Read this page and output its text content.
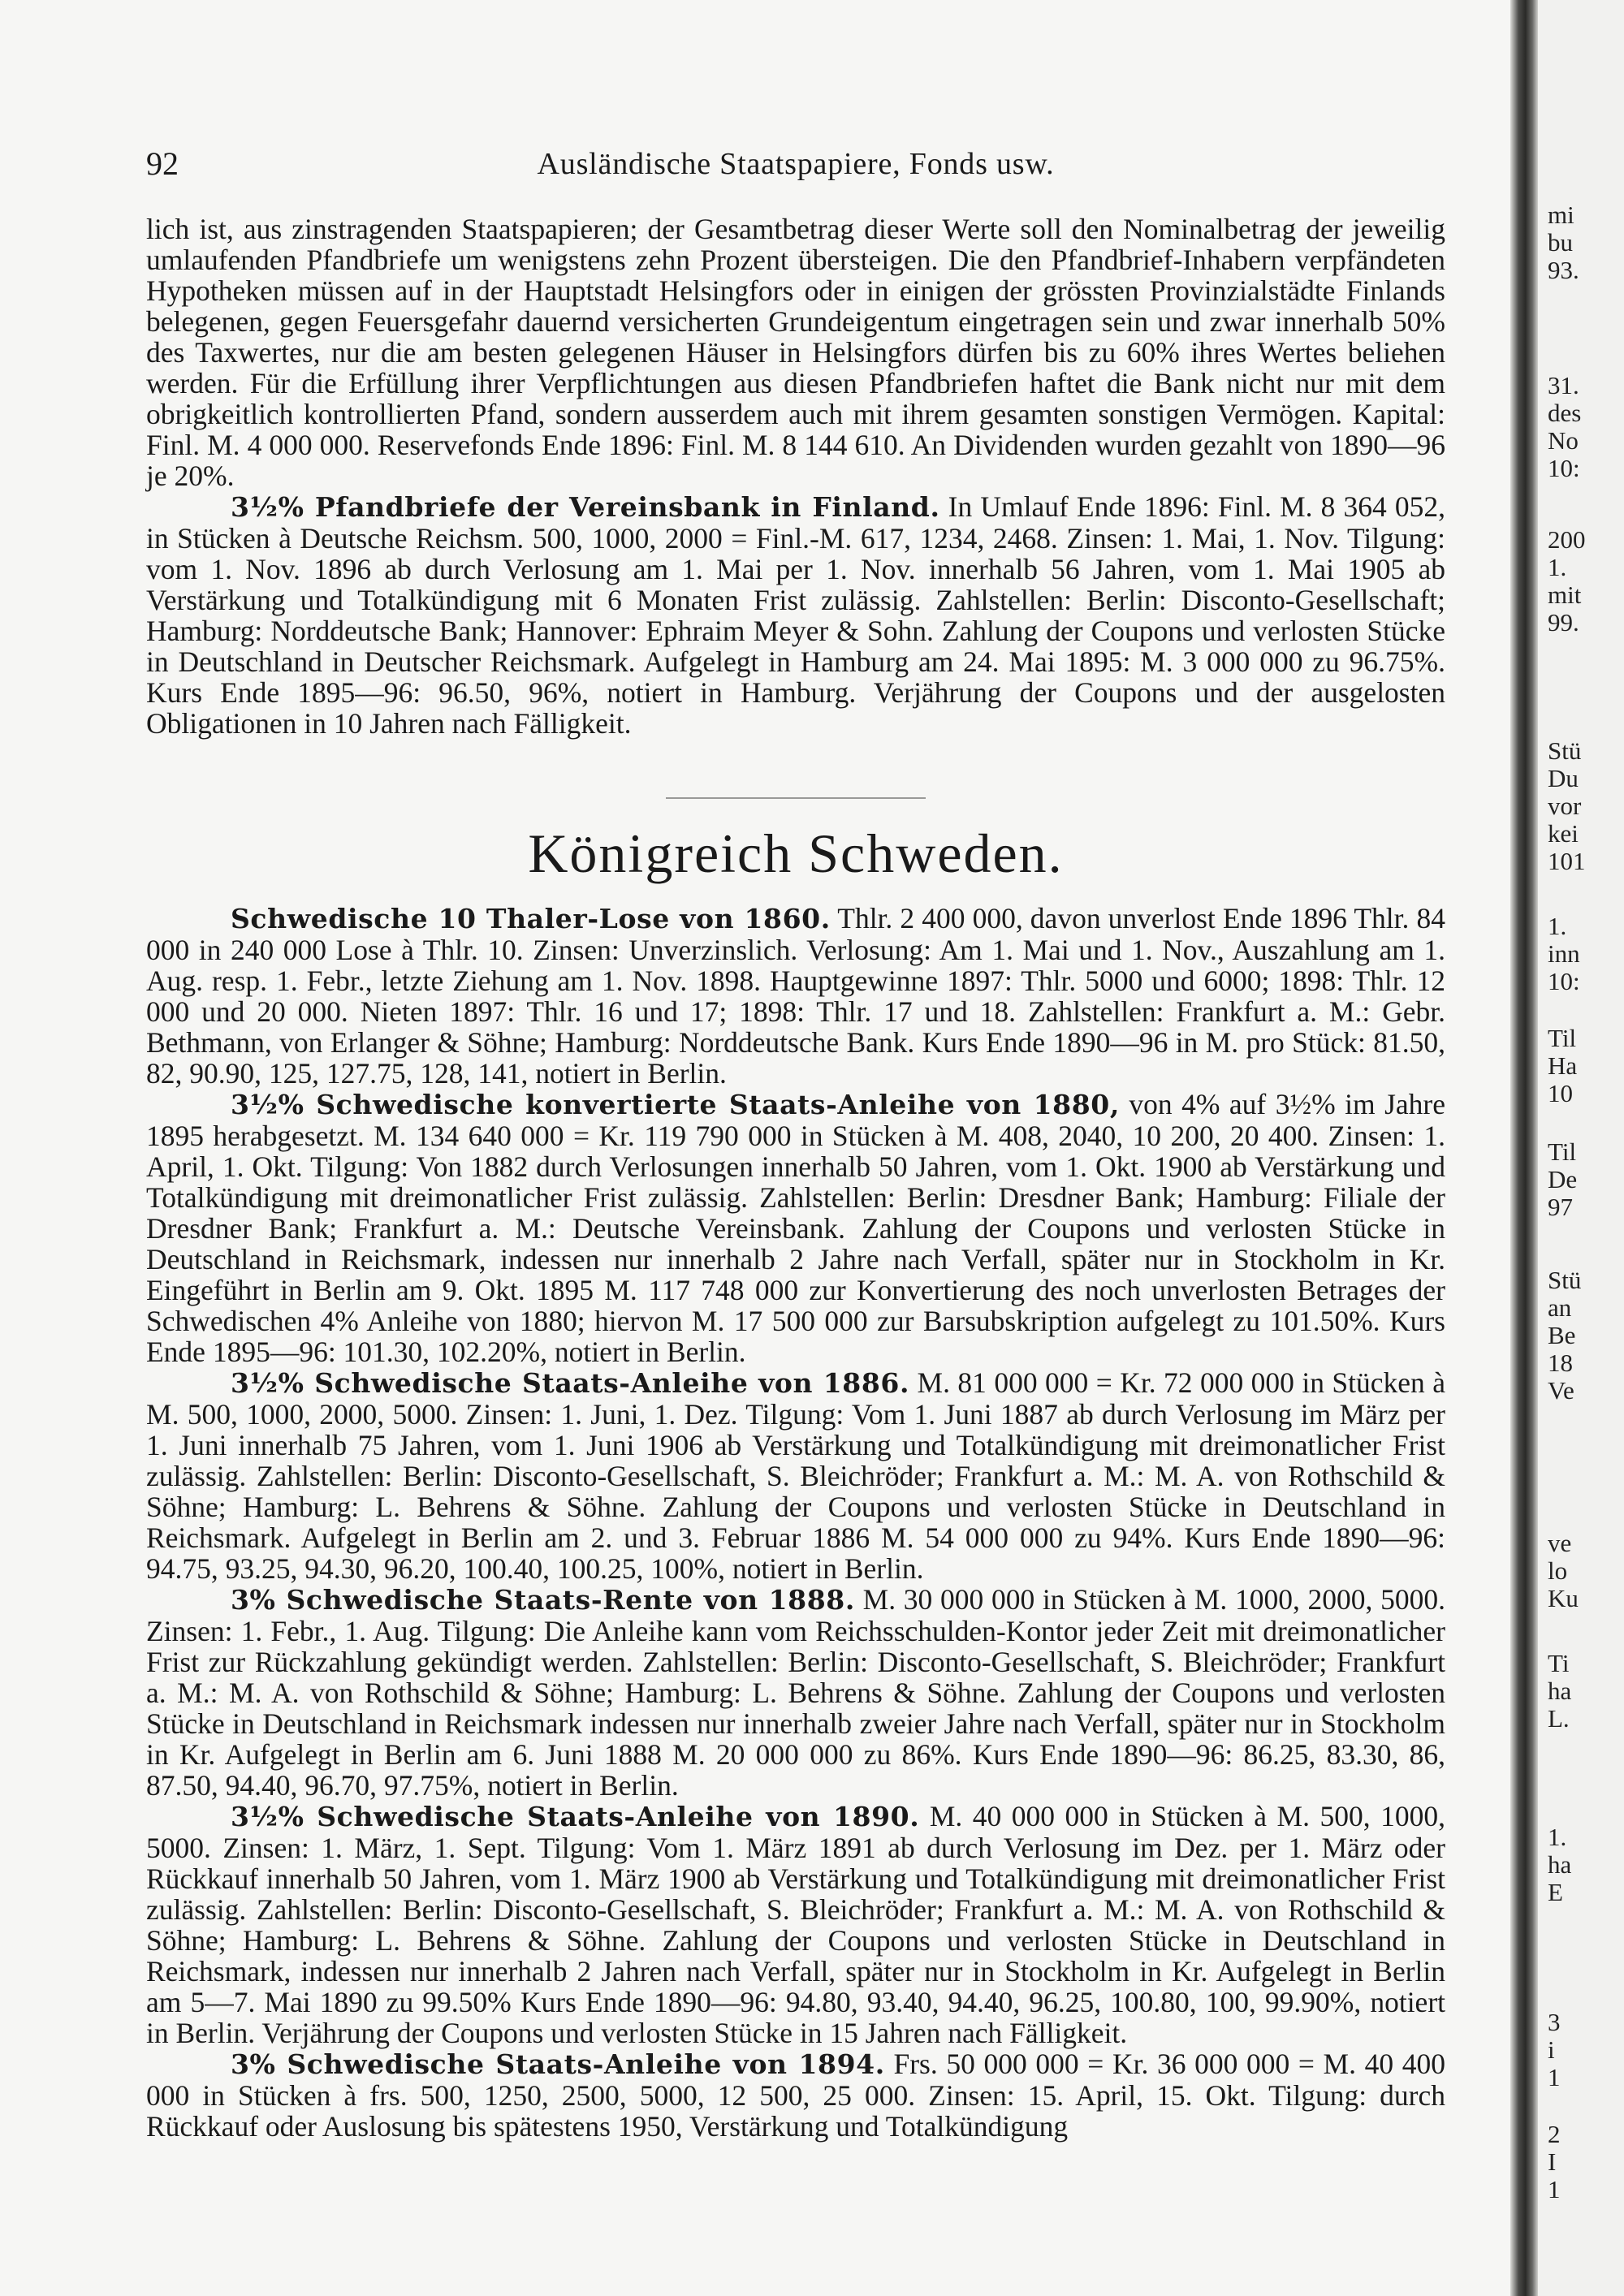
92	Ausländische Staatspapiere, Fonds usw.

lich ist, aus zinstragenden Staatspapieren; der Gesamtbetrag dieser Werte soll den Nominalbetrag der jeweilig umlaufenden Pfandbriefe um wenigstens zehn Prozent übersteigen. Die den Pfandbrief-Inhabern verpfändeten Hypotheken müssen auf in der Hauptstadt Helsingfors oder in einigen der grössten Provinzialstädte Finlands belegenen, gegen Feuersgefahr dauernd versicherten Grundeigentum eingetragen sein und zwar innerhalb 50% des Taxwertes, nur die am besten gelegenen Häuser in Helsingfors dürfen bis zu 60% ihres Wertes beliehen werden. Für die Erfüllung ihrer Verpflichtungen aus diesen Pfandbriefen haftet die Bank nicht nur mit dem obrigkeitlich kontrollierten Pfand, sondern ausserdem auch mit ihrem gesamten sonstigen Vermögen. Kapital: Finl. M. 4 000 000. Reservefonds Ende 1896: Finl. M. 8 144 610. An Dividenden wurden gezahlt von 1890—96 je 20%.

3½% Pfandbriefe der Vereinsbank in Finland. In Umlauf Ende 1896: Finl. M. 8 364 052, in Stücken à Deutsche Reichsm. 500, 1000, 2000 = Finl.-M. 617, 1234, 2468. Zinsen: 1. Mai, 1. Nov. Tilgung: vom 1. Nov. 1896 ab durch Verlosung am 1. Mai per 1. Nov. innerhalb 56 Jahren, vom 1. Mai 1905 ab Verstärkung und Totalkündigung mit 6 Monaten Frist zulässig. Zahlstellen: Berlin: Disconto-Gesellschaft; Hamburg: Norddeutsche Bank; Hannover: Ephraim Meyer & Sohn. Zahlung der Coupons und verlosten Stücke in Deutschland in Deutscher Reichsmark. Aufgelegt in Hamburg am 24. Mai 1895: M. 3 000 000 zu 96.75%. Kurs Ende 1895—96: 96.50, 96%, notiert in Hamburg. Verjährung der Coupons und der ausgelosten Obligationen in 10 Jahren nach Fälligkeit.

Königreich Schweden.

Schwedische 10 Thaler-Lose von 1860. Thlr. 2 400 000, davon unverlost Ende 1896 Thlr. 84 000 in 240 000 Lose à Thlr. 10. Zinsen: Unverzinslich. Verlosung: Am 1. Mai und 1. Nov., Auszahlung am 1. Aug. resp. 1. Febr., letzte Ziehung am 1. Nov. 1898. Hauptgewinne 1897: Thlr. 5000 und 6000; 1898: Thlr. 12 000 und 20 000. Nieten 1897: Thlr. 16 und 17; 1898: Thlr. 17 und 18. Zahlstellen: Frankfurt a. M.: Gebr. Bethmann, von Erlanger & Söhne; Hamburg: Norddeutsche Bank. Kurs Ende 1890—96 in M. pro Stück: 81.50, 82, 90.90, 125, 127.75, 128, 141, notiert in Berlin.

3½% Schwedische konvertierte Staats-Anleihe von 1880, von 4% auf 3½% im Jahre 1895 herabgesetzt. M. 134 640 000 = Kr. 119 790 000 in Stücken à M. 408, 2040, 10 200, 20 400. Zinsen: 1. April, 1. Okt. Tilgung: Von 1882 durch Verlosungen innerhalb 50 Jahren, vom 1. Okt. 1900 ab Verstärkung und Totalkündigung mit dreimonatlicher Frist zulässig. Zahlstellen: Berlin: Dresdner Bank; Hamburg: Filiale der Dresdner Bank; Frankfurt a. M.: Deutsche Vereinsbank. Zahlung der Coupons und verlosten Stücke in Deutschland in Reichsmark, indessen nur innerhalb 2 Jahre nach Verfall, später nur in Stockholm in Kr. Eingeführt in Berlin am 9. Okt. 1895 M. 117 748 000 zur Konvertierung des noch unverlosten Betrages der Schwedischen 4% Anleihe von 1880; hiervon M. 17 500 000 zur Barsubskription aufgelegt zu 101.50%. Kurs Ende 1895—96: 101.30, 102.20%, notiert in Berlin.

3½% Schwedische Staats-Anleihe von 1886. M. 81 000 000 = Kr. 72 000 000 in Stücken à M. 500, 1000, 2000, 5000. Zinsen: 1. Juni, 1. Dez. Tilgung: Vom 1. Juni 1887 ab durch Verlosung im März per 1. Juni innerhalb 75 Jahren, vom 1. Juni 1906 ab Verstärkung und Totalkündigung mit dreimonatlicher Frist zulässig. Zahlstellen: Berlin: Disconto-Gesellschaft, S. Bleichröder; Frankfurt a. M.: M. A. von Rothschild & Söhne; Hamburg: L. Behrens & Söhne. Zahlung der Coupons und verlosten Stücke in Deutschland in Reichsmark. Aufgelegt in Berlin am 2. und 3. Februar 1886 M. 54 000 000 zu 94%. Kurs Ende 1890—96: 94.75, 93.25, 94.30, 96.20, 100.40, 100.25, 100%, notiert in Berlin.

3% Schwedische Staats-Rente von 1888. M. 30 000 000 in Stücken à M. 1000, 2000, 5000. Zinsen: 1. Febr., 1. Aug. Tilgung: Die Anleihe kann vom Reichsschulden-Kontor jeder Zeit mit dreimonatlicher Frist zur Rückzahlung gekündigt werden. Zahlstellen: Berlin: Disconto-Gesellschaft, S. Bleichröder; Frankfurt a. M.: M. A. von Rothschild & Söhne; Hamburg: L. Behrens & Söhne. Zahlung der Coupons und verlosten Stücke in Deutschland in Reichsmark indessen nur innerhalb zweier Jahre nach Verfall, später nur in Stockholm in Kr. Aufgelegt in Berlin am 6. Juni 1888 M. 20 000 000 zu 86%. Kurs Ende 1890—96: 86.25, 83.30, 86, 87.50, 94.40, 96.70, 97.75%, notiert in Berlin.

3½% Schwedische Staats-Anleihe von 1890. M. 40 000 000 in Stücken à M. 500, 1000, 5000. Zinsen: 1. März, 1. Sept. Tilgung: Vom 1. März 1891 ab durch Verlosung im Dez. per 1. März oder Rückkauf innerhalb 50 Jahren, vom 1. März 1900 ab Verstärkung und Totalkündigung mit dreimonatlicher Frist zulässig. Zahlstellen: Berlin: Disconto-Gesellschaft, S. Bleichröder; Frankfurt a. M.: M. A. von Rothschild & Söhne; Hamburg: L. Behrens & Söhne. Zahlung der Coupons und verlosten Stücke in Deutschland in Reichsmark, indessen nur innerhalb 2 Jahren nach Verfall, später nur in Stockholm in Kr. Aufgelegt in Berlin am 5—7. Mai 1890 zu 99.50% Kurs Ende 1890—96: 94.80, 93.40, 94.40, 96.25, 100.80, 100, 99.90%, notiert in Berlin. Verjährung der Coupons und verlosten Stücke in 15 Jahren nach Fälligkeit.

3% Schwedische Staats-Anleihe von 1894. Frs. 50 000 000 = Kr. 36 000 000 = M. 40 400 000 in Stücken à frs. 500, 1250, 2500, 5000, 12 500, 25 000. Zinsen: 15. April, 15. Okt. Tilgung: durch Rückkauf oder Auslosung bis spätestens 1950, Verstärkung und Totalkündigung

mi
bu
93.
31.
des
No
10:
200
1.
mit
99.
Stü
Du
vor
kei
101
1.
inn
10:
Til
Ha
10
Til
De
97
Stü
an
Be
18
Ve
ve
lo
Ku
Ti
ha
L.
1.
ha
E
3
i
1
2
I
1
